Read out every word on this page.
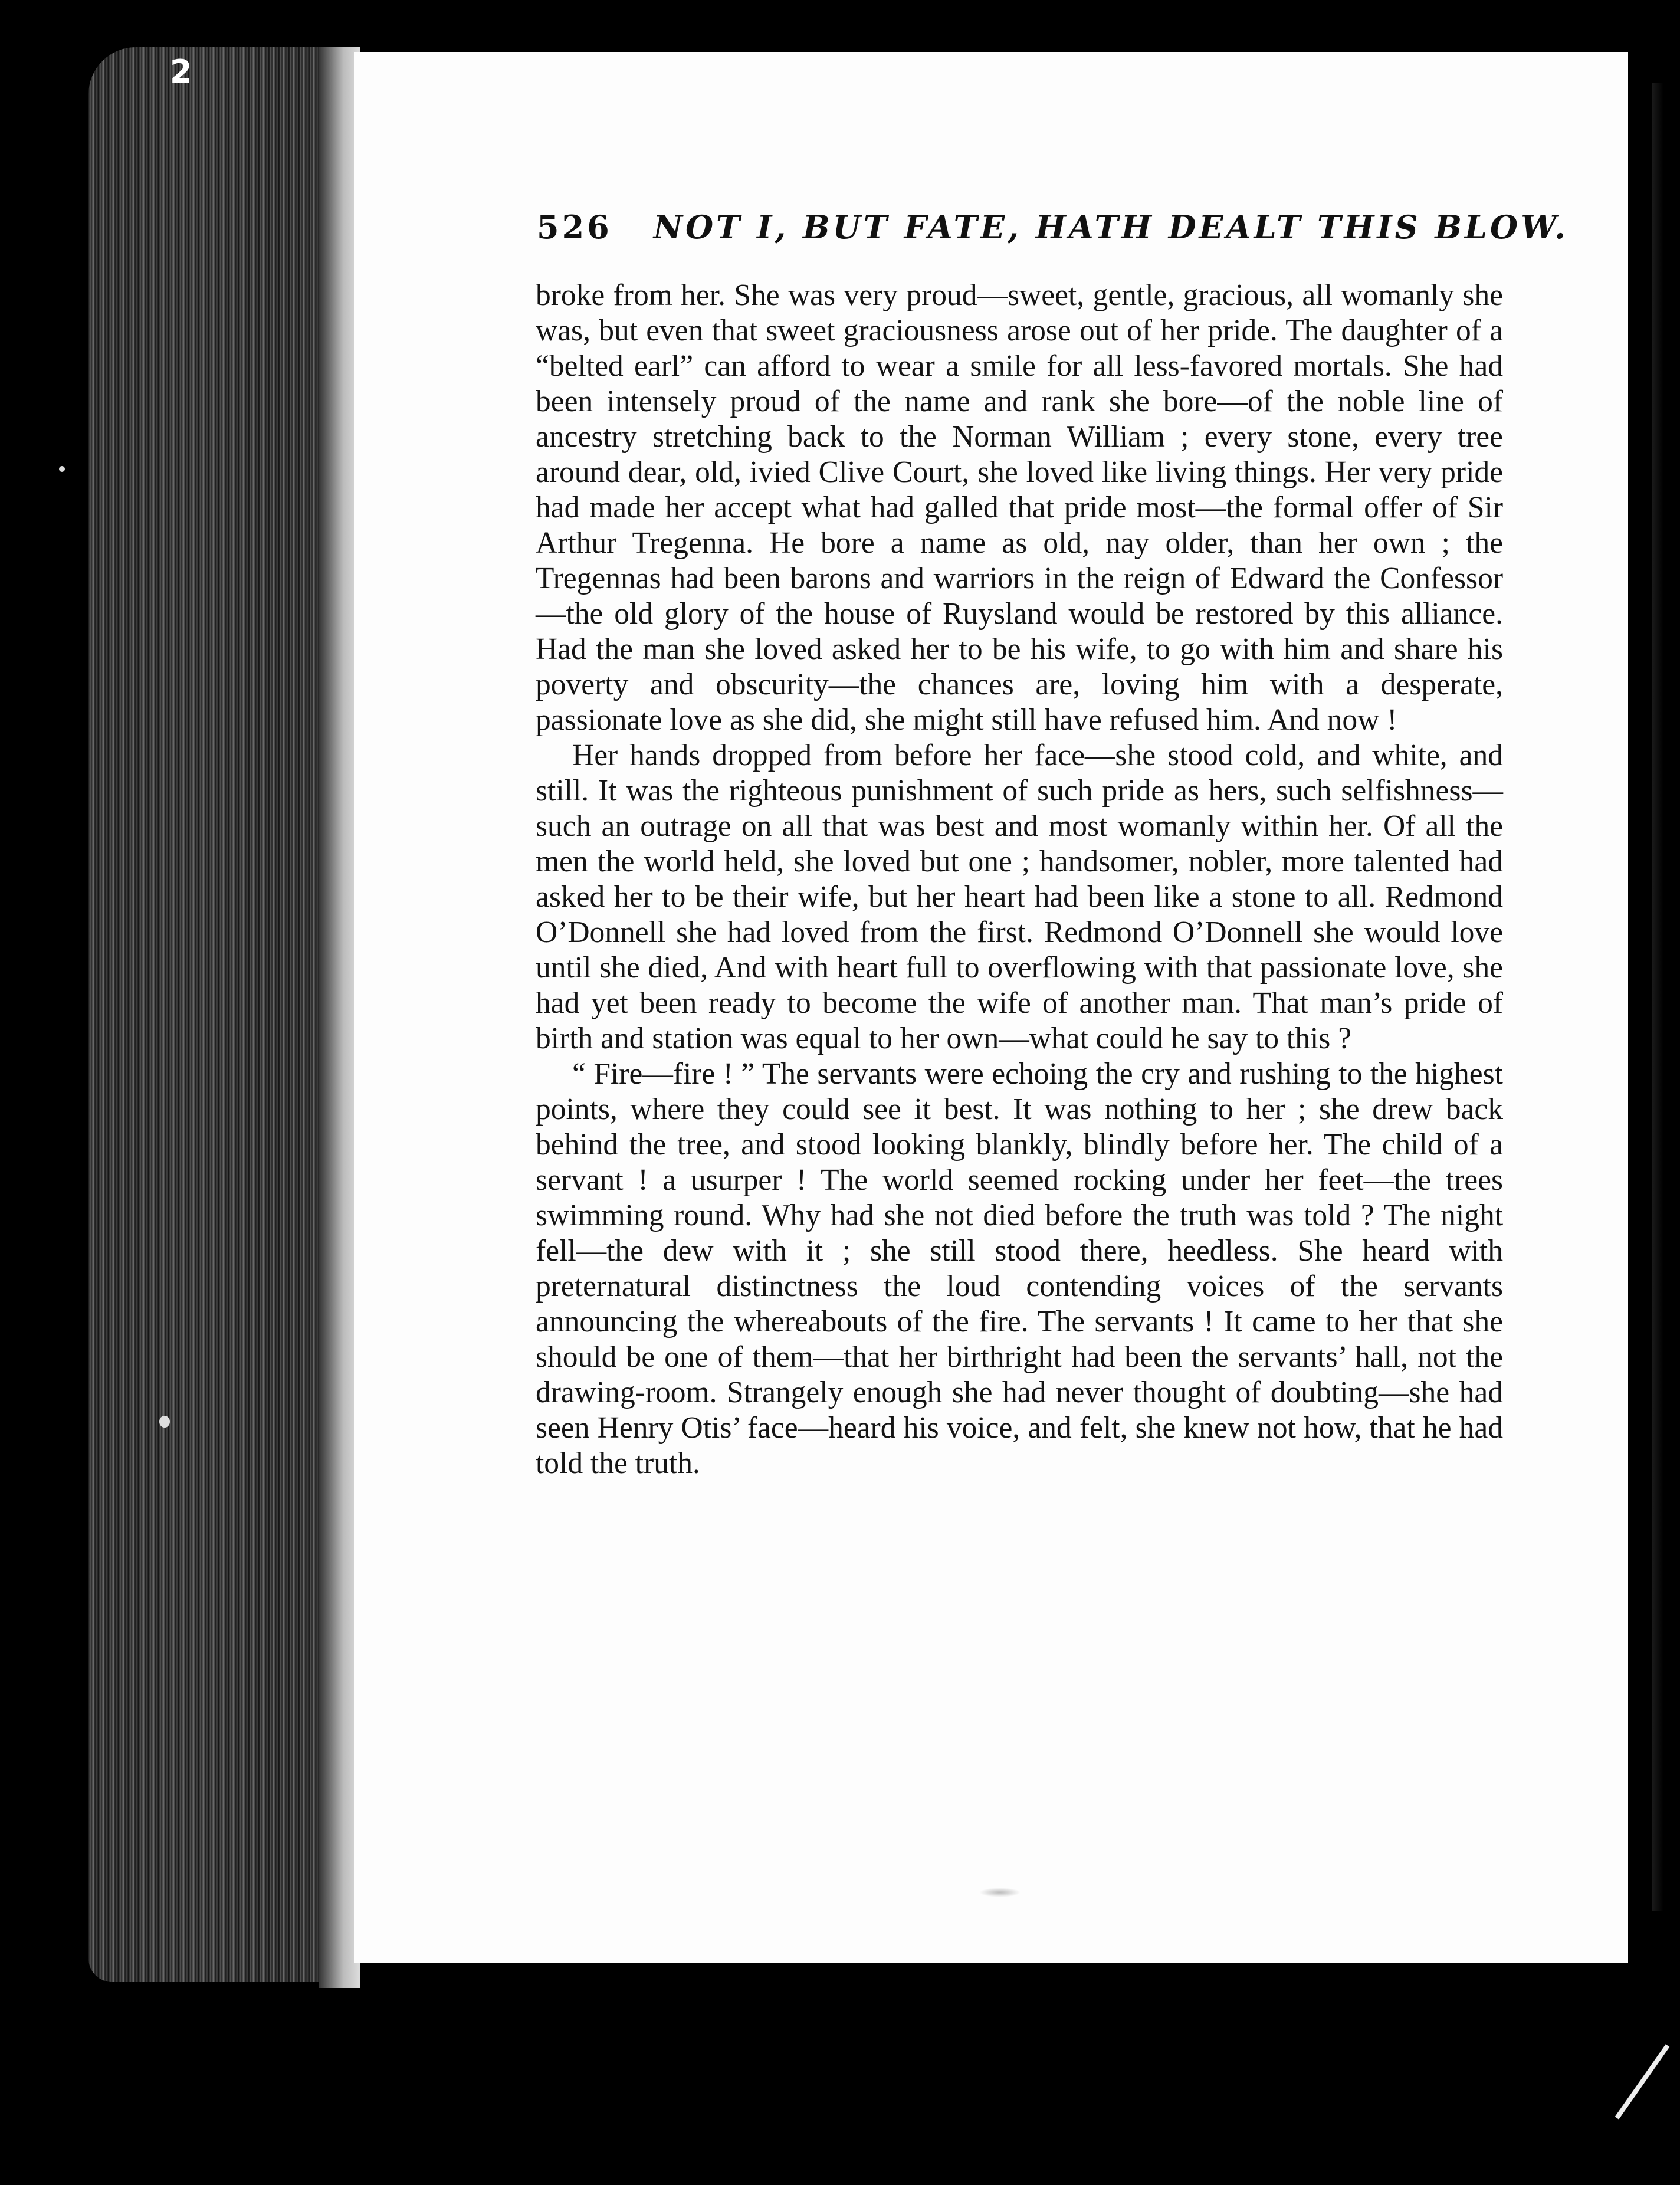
2
526 NOT I, BUT FATE, HATH DEALT THIS BLOW.

broke from her. She was very proud—sweet, gentle, gracious, all womanly she was, but even that sweet graciousness arose out of her pride. The daughter of a “belted earl” can afford to wear a smile for all less-favored mortals. She had been intensely proud of the name and rank she bore—of the noble line of ancestry stretching back to the Norman William ; every stone, every tree around dear, old, ivied Clive Court, she loved like living things. Her very pride had made her accept what had galled that pride most—the formal offer of Sir Arthur Tregenna. He bore a name as old, nay older, than her own ; the Tregennas had been barons and warriors in the reign of Edward the Confessor—the old glory of the house of Ruysland would be restored by this alliance. Had the man she loved asked her to be his wife, to go with him and share his poverty and obscurity—the chances are, loving him with a desperate, passionate love as she did, she might still have refused him. And now !

Her hands dropped from before her face—she stood cold, and white, and still. It was the righteous punishment of such pride as hers, such selfishness—such an outrage on all that was best and most womanly within her. Of all the men the world held, she loved but one ; handsomer, nobler, more talented had asked her to be their wife, but her heart had been like a stone to all. Redmond O’Donnell she had loved from the first. Redmond O’Donnell she would love until she died, And with heart full to overflowing with that passionate love, she had yet been ready to become the wife of another man. That man’s pride of birth and station was equal to her own—what could he say to this ?

“ Fire—fire ! ” The servants were echoing the cry and rushing to the highest points, where they could see it best. It was nothing to her ; she drew back behind the tree, and stood looking blankly, blindly before her. The child of a servant ! a usurper ! The world seemed rocking under her feet—the trees swimming round. Why had she not died before the truth was told ? The night fell—the dew with it ; she still stood there, heedless. She heard with preternatural distinctness the loud contending voices of the servants announcing the whereabouts of the fire. The servants ! It came to her that she should be one of them—that her birthright had been the servants’ hall, not the drawing-room. Strangely enough she had never thought of doubting—she had seen Henry Otis’ face—heard his voice, and felt, she knew not how, that he had told the truth.
